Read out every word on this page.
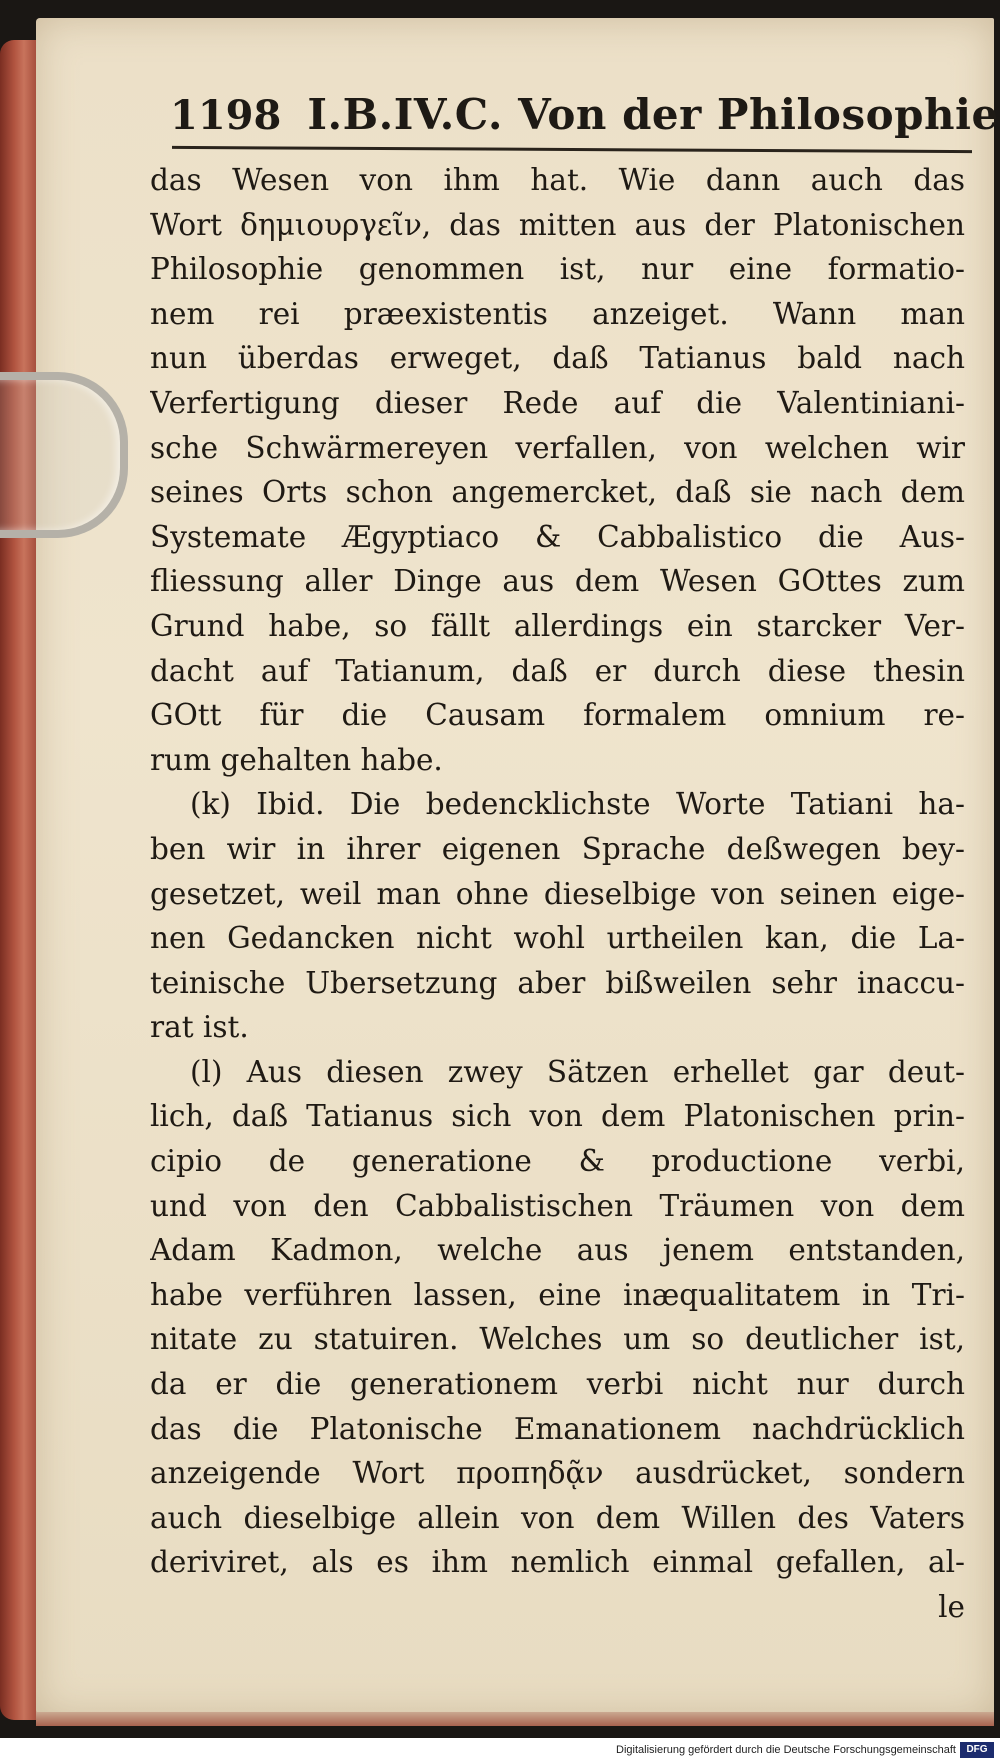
1198 I.B.IV.C. Von der Philosophie
das Wesen von ihm hat. Wie dann auch das
Wort δημιουργεῖν, das mitten aus der Platonischen
Philosophie genommen ist, nur eine formatio-
nem rei præexistentis anzeiget. Wann man
nun überdas erweget, daß Tatianus bald nach
Verfertigung dieser Rede auf die Valentiniani-
sche Schwärmereyen verfallen, von welchen wir
seines Orts schon angemercket, daß sie nach dem
Systemate Ægyptiaco & Cabbalistico die Aus-
fliessung aller Dinge aus dem Wesen GOttes zum
Grund habe, so fällt allerdings ein starcker Ver-
dacht auf Tatianum, daß er durch diese thesin
GOtt für die Causam formalem omnium re-
rum gehalten habe.
(k) Ibid. Die bedencklichste Worte Tatiani ha-
ben wir in ihrer eigenen Sprache deßwegen bey-
gesetzet, weil man ohne dieselbige von seinen eige-
nen Gedancken nicht wohl urtheilen kan, die La-
teinische Ubersetzung aber bißweilen sehr inaccu-
rat ist.
(l) Aus diesen zwey Sätzen erhellet gar deut-
lich, daß Tatianus sich von dem Platonischen prin-
cipio de generatione & productione verbi,
und von den Cabbalistischen Träumen von dem
Adam Kadmon, welche aus jenem entstanden,
habe verführen lassen, eine inæqualitatem in Tri-
nitate zu statuiren. Welches um so deutlicher ist,
da er die generationem verbi nicht nur durch
das die Platonische Emanationem nachdrücklich
anzeigende Wort προπηδᾷν ausdrücket, sondern
auch dieselbige allein von dem Willen des Vaters
deriviret, als es ihm nemlich einmal gefallen, al-
le
Digitalisierung gefördert durch die Deutsche Forschungsgemeinschaft	DFG
